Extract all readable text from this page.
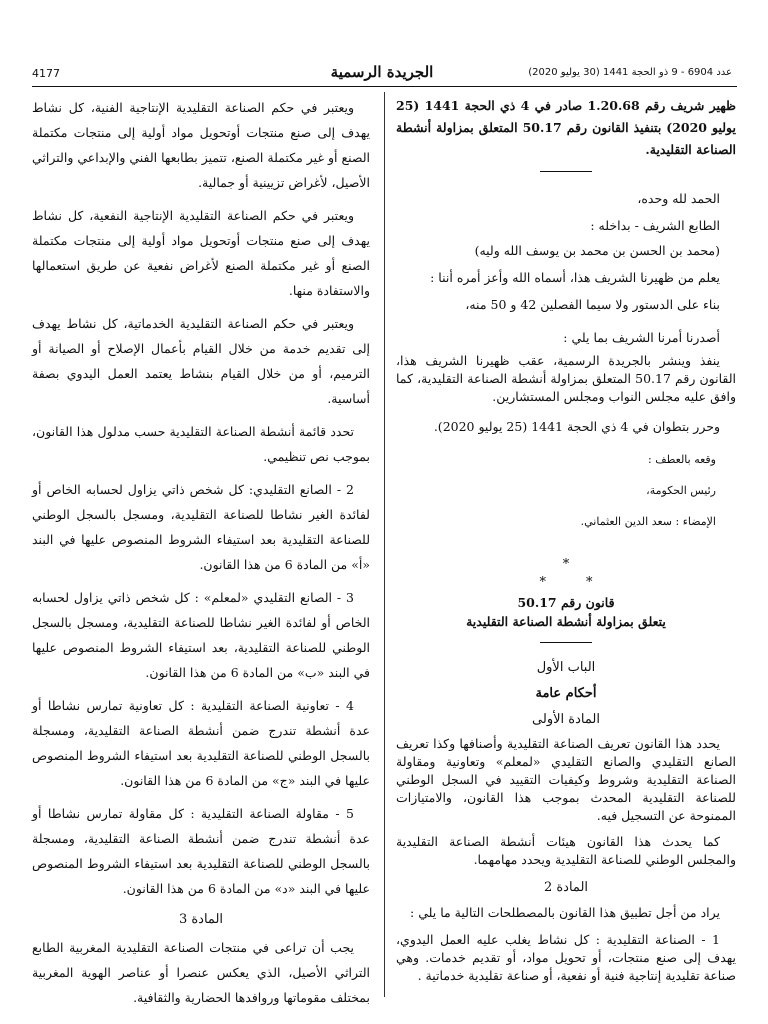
4177	الجريدة الرسمية	عدد 6904 - 9 ذو الحجة 1441 (30 يوليو 2020)

ظهير شريف رقم 1.20.68 صادر في 4 ذي الحجة 1441 (25 يوليو 2020) بتنفيذ القانون رقم 50.17 المتعلق بمزاولة أنشطة الصناعة التقليدية.

الحمد لله وحده،

الطابع الشريف - بداخله :

(محمد بن الحسن بن محمد بن يوسف الله وليه)

يعلم من ظهيرنا الشريف هذا، أسماه الله وأعز أمره أننا :

بناء على الدستور ولا سيما الفصلين 42 و 50 منه،

أصدرنا أمرنا الشريف بما يلي :

ينفذ وينشر بالجريدة الرسمية، عقب ظهيرنا الشريف هذا، القانون رقم 50.17 المتعلق بمزاولة أنشطة الصناعة التقليدية، كما وافق عليه مجلس النواب ومجلس المستشارين.

وحرر بتطوان في 4 ذي الحجة 1441 (25 يوليو 2020).

وقعه بالعطف :

رئيس الحكومة،

الإمضاء : سعد الدين العثماني.

*

*
*

قانون رقم 50.17

يتعلق بمزاولة أنشطة الصناعة التقليدية

الباب الأول

أحكام عامة

المادة الأولى

يحدد هذا القانون تعريف الصناعة التقليدية وأصنافها وكذا تعريف الصانع التقليدي والصانع التقليدي «لمعلم» وتعاونية ومقاولة الصناعة التقليدية وشروط وكيفيات التقييد في السجل الوطني للصناعة التقليدية المحدث بموجب هذا القانون، والامتيازات الممنوحة عن التسجيل فيه.

كما يحدث هذا القانون هيئات أنشطة الصناعة التقليدية والمجلس الوطني للصناعة التقليدية ويحدد مهامهما.

المادة 2

يراد من أجل تطبيق هذا القانون بالمصطلحات التالية ما يلي :

1 - الصناعة التقليدية : كل نشاط يغلب عليه العمل اليدوي، يهدف إلى صنع منتجات، أو تحويل مواد، أو تقديم خدمات. وهي صناعة تقليدية إنتاجية فنية أو نفعية، أو صناعة تقليدية خدماتية .

ويعتبر في حكم الصناعة التقليدية الإنتاجية الفنية، كل نشاط يهدف إلى صنع منتجات أوتحويل مواد أولية إلى منتجات مكتملة الصنع أو غير مكتملة الصنع، تتميز بطابعها الفني والإبداعي والتراثي الأصيل، لأغراض تزيينية أو جمالية.

ويعتبر في حكم الصناعة التقليدية الإنتاجية النفعية، كل نشاط يهدف إلى صنع منتجات أوتحويل مواد أولية إلى منتجات مكتملة الصنع أو غير مكتملة الصنع لأغراض نفعية عن طريق استعمالها والاستفادة منها.

ويعتبر في حكم الصناعة التقليدية الخدماتية، كل نشاط يهدف إلى تقديم خدمة من خلال القيام بأعمال الإصلاح أو الصيانة أو الترميم، أو من خلال القيام بنشاط يعتمد العمل اليدوي بصفة أساسية.

تحدد قائمة أنشطة الصناعة التقليدية حسب مدلول هذا القانون، بموجب نص تنظيمي.

2 - الصانع التقليدي: كل شخص ذاتي يزاول لحسابه الخاص أو لفائدة الغير نشاطا للصناعة التقليدية، ومسجل بالسجل الوطني للصناعة التقليدية بعد استيفاء الشروط المنصوص عليها في البند «أ» من المادة 6 من هذا القانون.

3 - الصانع التقليدي «لمعلم» : كل شخص ذاتي يزاول لحسابه الخاص أو لفائدة الغير نشاطا للصناعة التقليدية، ومسجل بالسجل الوطني للصناعة التقليدية، بعد استيفاء الشروط المنصوص عليها في البند «ب» من المادة 6 من هذا القانون.

4 - تعاونية الصناعة التقليدية : كل تعاونية تمارس نشاطا أو عدة أنشطة تندرج ضمن أنشطة الصناعة التقليدية، ومسجلة بالسجل الوطني للصناعة التقليدية بعد استيفاء الشروط المنصوص عليها في البند «ج» من المادة 6 من هذا القانون.

5 - مقاولة الصناعة التقليدية : كل مقاولة تمارس نشاطا أو عدة أنشطة تندرج ضمن أنشطة الصناعة التقليدية، ومسجلة بالسجل الوطني للصناعة التقليدية بعد استيفاء الشروط المنصوص عليها في البند «د» من المادة 6 من هذا القانون.

المادة 3

يجب أن تراعى في منتجات الصناعة التقليدية المغربية الطابع التراثي الأصيل، الذي يعكس عنصرا أو عناصر الهوية المغربية بمختلف مقوماتها وروافدها الحضارية والثقافية.
